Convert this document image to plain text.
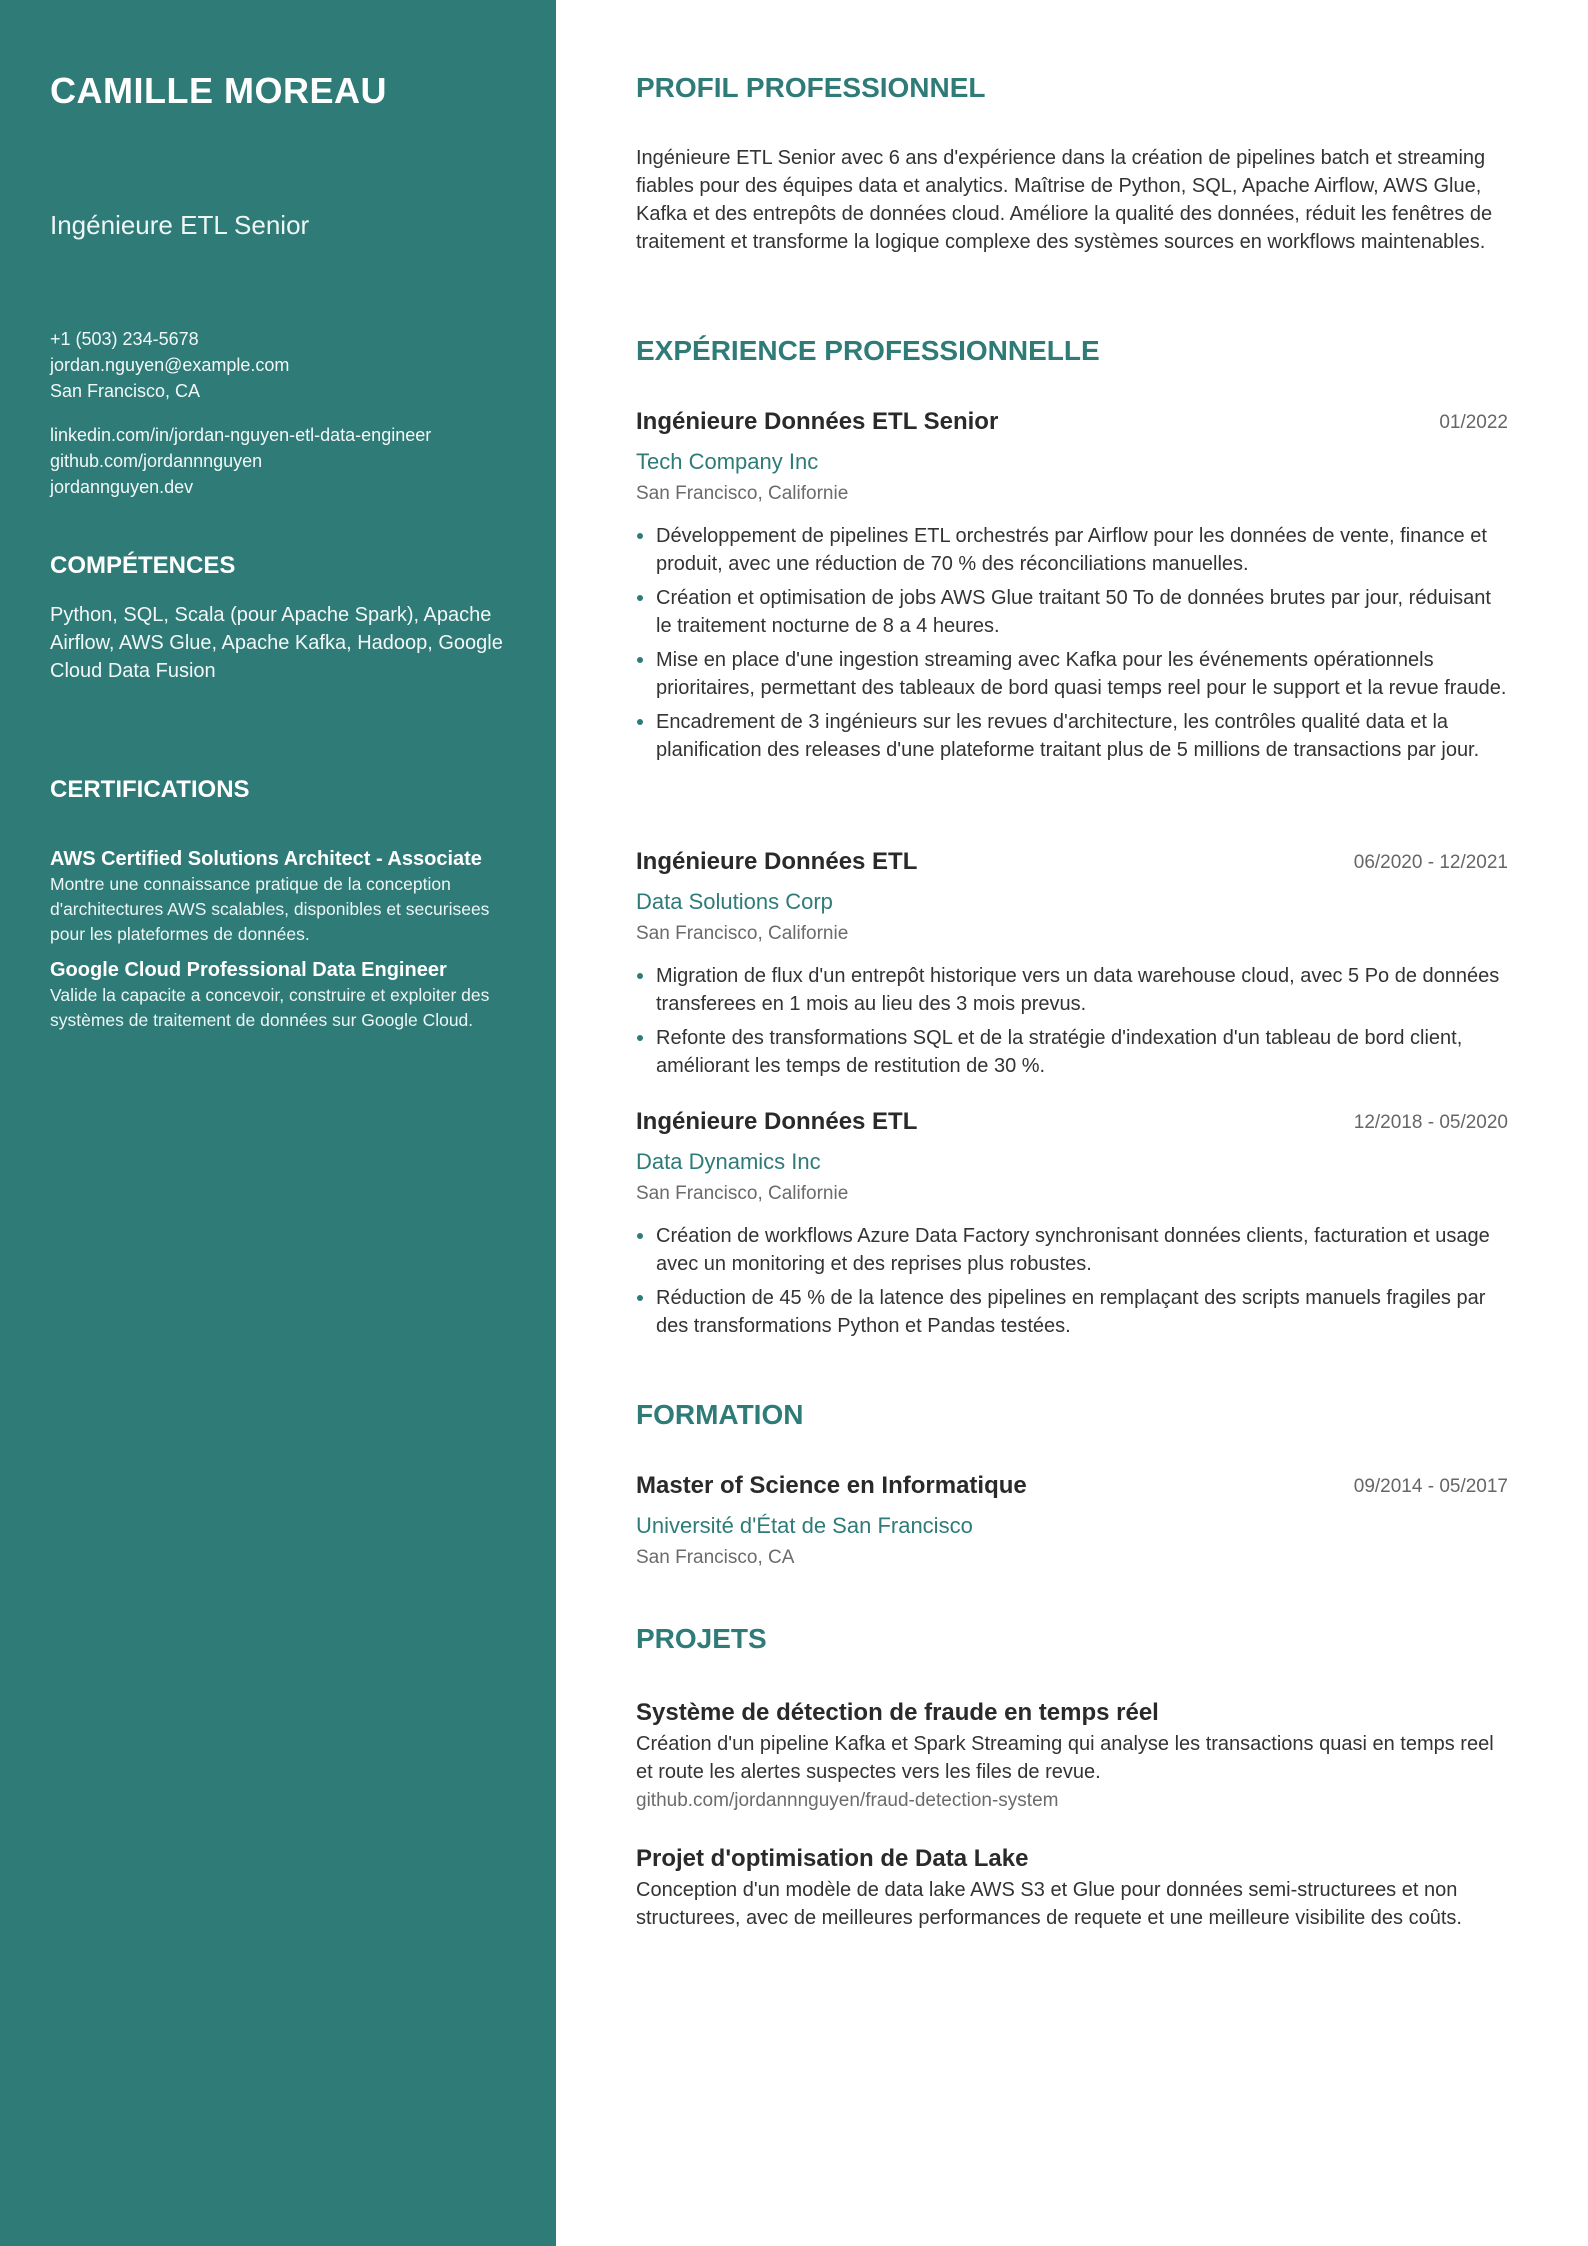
CAMILLE MOREAU
Ingénieure ETL Senior
+1 (503) 234-5678
jordan.nguyen@example.com
San Francisco, CA
linkedin.com/in/jordan-nguyen-etl-data-engineer
github.com/jordannnguyen
jordannguyen.dev
COMPÉTENCES
Python, SQL, Scala (pour Apache Spark), Apache Airflow, AWS Glue, Apache Kafka, Hadoop, Google Cloud Data Fusion
CERTIFICATIONS
AWS Certified Solutions Architect - Associate
Montre une connaissance pratique de la conception d'architectures AWS scalables, disponibles et securisees pour les plateformes de données.
Google Cloud Professional Data Engineer
Valide la capacite a concevoir, construire et exploiter des systèmes de traitement de données sur Google Cloud.
PROFIL PROFESSIONNEL
Ingénieure ETL Senior avec 6 ans d'expérience dans la création de pipelines batch et streaming fiables pour des équipes data et analytics. Maîtrise de Python, SQL, Apache Airflow, AWS Glue, Kafka et des entrepôts de données cloud. Améliore la qualité des données, réduit les fenêtres de traitement et transforme la logique complexe des systèmes sources en workflows maintenables.
EXPÉRIENCE PROFESSIONNELLE
Ingénieure Données ETL Senior	01/2022
Tech Company Inc
San Francisco, Californie
Développement de pipelines ETL orchestrés par Airflow pour les données de vente, finance et produit, avec une réduction de 70 % des réconciliations manuelles.
Création et optimisation de jobs AWS Glue traitant 50 To de données brutes par jour, réduisant le traitement nocturne de 8 a 4 heures.
Mise en place d'une ingestion streaming avec Kafka pour les événements opérationnels prioritaires, permettant des tableaux de bord quasi temps reel pour le support et la revue fraude.
Encadrement de 3 ingénieurs sur les revues d'architecture, les contrôles qualité data et la planification des releases d'une plateforme traitant plus de 5 millions de transactions par jour.
Ingénieure Données ETL	06/2020 - 12/2021
Data Solutions Corp
San Francisco, Californie
Migration de flux d'un entrepôt historique vers un data warehouse cloud, avec 5 Po de données transferees en 1 mois au lieu des 3 mois prevus.
Refonte des transformations SQL et de la stratégie d'indexation d'un tableau de bord client, améliorant les temps de restitution de 30 %.
Ingénieure Données ETL	12/2018 - 05/2020
Data Dynamics Inc
San Francisco, Californie
Création de workflows Azure Data Factory synchronisant données clients, facturation et usage avec un monitoring et des reprises plus robustes.
Réduction de 45 % de la latence des pipelines en remplaçant des scripts manuels fragiles par des transformations Python et Pandas testées.
FORMATION
Master of Science en Informatique	09/2014 - 05/2017
Université d'État de San Francisco
San Francisco, CA
PROJETS
Système de détection de fraude en temps réel
Création d'un pipeline Kafka et Spark Streaming qui analyse les transactions quasi en temps reel et route les alertes suspectes vers les files de revue.
github.com/jordannnguyen/fraud-detection-system
Projet d'optimisation de Data Lake
Conception d'un modèle de data lake AWS S3 et Glue pour données semi-structurees et non structurees, avec de meilleures performances de requete et une meilleure visibilite des coûts.
